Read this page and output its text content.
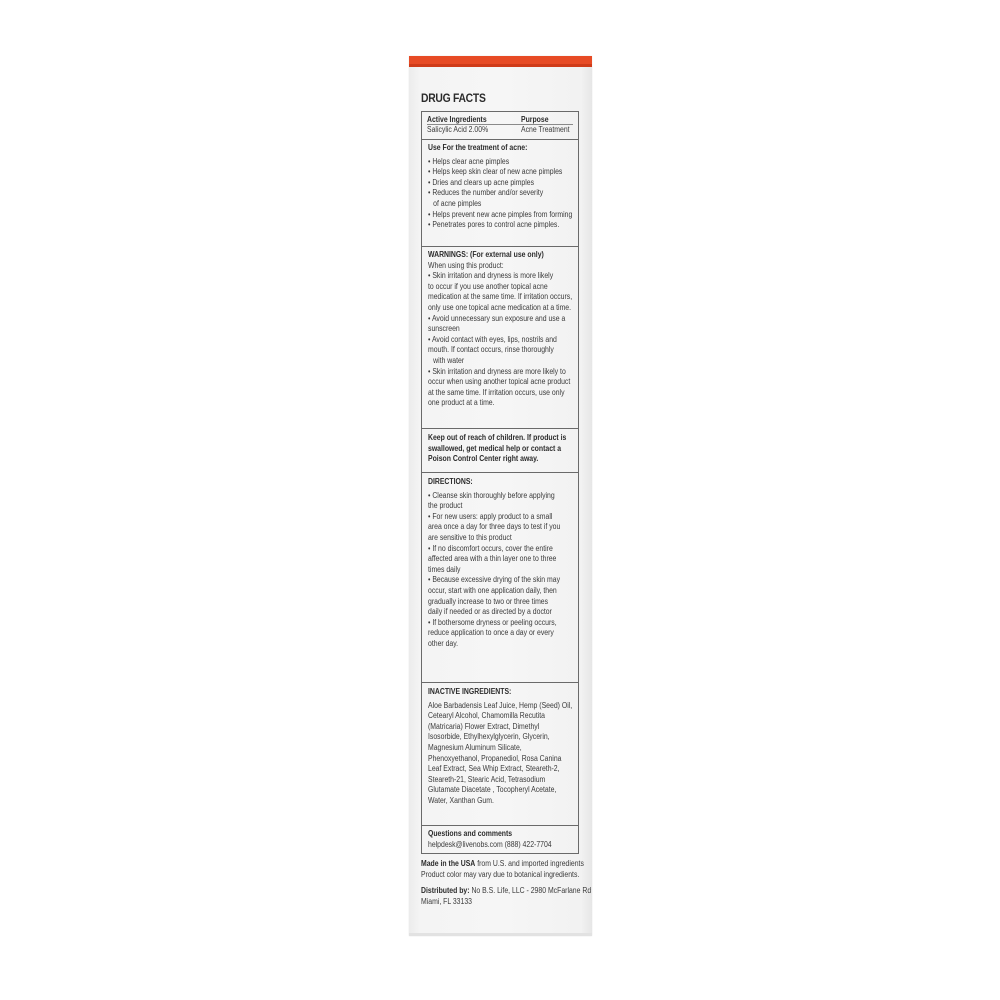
DRUG FACTS
Active Ingredients	Purpose
Salicylic Acid 2.00%	Acne Treatment
Use For the treatment of acne:
• Helps clear acne pimples
• Helps keep skin clear of new acne pimples
• Dries and clears up acne pimples
• Reduces the number and/or severity
of acne pimples
• Helps prevent new acne pimples from forming
• Penetrates pores to control acne pimples.
WARNINGS: (For external use only)
When using this product:
• Skin irritation and dryness is more likely
to occur if you use another topical acne
medication at the same time. If irritation occurs,
only use one topical acne medication at a time.
• Avoid unnecessary sun exposure and use a
sunscreen
• Avoid contact with eyes, lips, nostrils and
mouth. If contact occurs, rinse thoroughly
with water
• Skin irritation and dryness are more likely to
occur when using another topical acne product
at the same time. If irritation occurs, use only
one product at a time.
Keep out of reach of children. If product is
swallowed, get medical help or contact a
Poison Control Center right away.
DIRECTIONS:
• Cleanse skin thoroughly before applying
the product
• For new users: apply product to a small
area once a day for three days to test if you
are sensitive to this product
• If no discomfort occurs, cover the entire
affected area with a thin layer one to three
times daily
• Because excessive drying of the skin may
occur, start with one application daily, then
gradually increase to two or three times
daily if needed or as directed by a doctor
• If bothersome dryness or peeling occurs,
reduce application to once a day or every
other day.
INACTIVE INGREDIENTS:
Aloe Barbadensis Leaf Juice, Hemp (Seed) Oil,
Cetearyl Alcohol, Chamomilla Recutita
(Matricaria) Flower Extract, Dimethyl
Isosorbide, Ethylhexylglycerin, Glycerin,
Magnesium Aluminum Silicate,
Phenoxyethanol, Propanediol, Rosa Canina
Leaf Extract, Sea Whip Extract, Steareth-2,
Steareth-21, Stearic Acid, Tetrasodium
Glutamate Diacetate , Tocopheryl Acetate,
Water, Xanthan Gum.
Questions and comments
helpdesk@livenobs.com (888) 422-7704
Made in the USA from U.S. and imported ingredients
Product color may vary due to botanical ingredients.
Distributed by: No B.S. Life, LLC - 2980 McFarlane Rd
Miami, FL 33133
